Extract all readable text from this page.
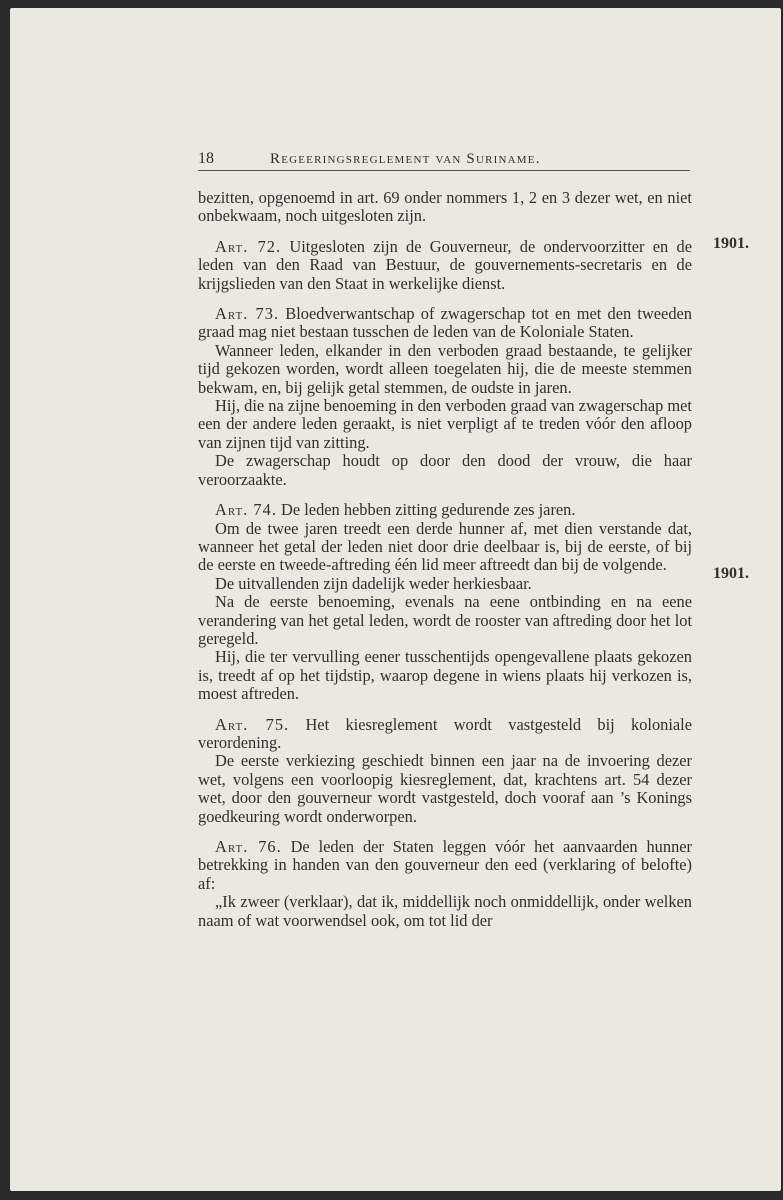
18	Regeeringsreglement van Suriname.
1901.
1901.

bezitten, opgenoemd in art. 69 onder nommers 1, 2 en 3 dezer wet, en niet onbekwaam, noch uitgesloten zijn.

Art. 72. Uitgesloten zijn de Gouverneur, de ondervoorzitter en de leden van den Raad van Bestuur, de gouvernements-secretaris en de krijgslieden van den Staat in werkelijke dienst.

Art. 73. Bloedverwantschap of zwagerschap tot en met den tweeden graad mag niet bestaan tusschen de leden van de Koloniale Staten.

Wanneer leden, elkander in den verboden graad bestaande, te gelijker tijd gekozen worden, wordt alleen toegelaten hij, die de meeste stemmen bekwam, en, bij gelijk getal stemmen, de oudste in jaren.

Hij, die na zijne benoeming in den verboden graad van zwagerschap met een der andere leden geraakt, is niet verpligt af te treden vóór den afloop van zijnen tijd van zitting.

De zwagerschap houdt op door den dood der vrouw, die haar veroorzaakte.

Art. 74. De leden hebben zitting gedurende zes jaren.

Om de twee jaren treedt een derde hunner af, met dien verstande dat, wanneer het getal der leden niet door drie deelbaar is, bij de eerste, of bij de eerste en tweede-aftreding één lid meer aftreedt dan bij de volgende.

De uitvallenden zijn dadelijk weder herkiesbaar.

Na de eerste benoeming, evenals na eene ontbinding en na eene verandering van het getal leden, wordt de rooster van aftreding door het lot geregeld.

Hij, die ter vervulling eener tusschentijds opengevallene plaats gekozen is, treedt af op het tijdstip, waarop degene in wiens plaats hij verkozen is, moest aftreden.

Art. 75. Het kiesreglement wordt vastgesteld bij koloniale verordening.

De eerste verkiezing geschiedt binnen een jaar na de invoering dezer wet, volgens een voorloopig kiesreglement, dat, krachtens art. 54 dezer wet, door den gouverneur wordt vastgesteld, doch vooraf aan ’s Konings goedkeuring wordt onderworpen.

Art. 76. De leden der Staten leggen vóór het aanvaarden hunner betrekking in handen van den gouverneur den eed (verklaring of belofte) af:

„Ik zweer (verklaar), dat ik, middellijk noch onmiddellijk, onder welken naam of wat voorwendsel ook, om tot lid der
